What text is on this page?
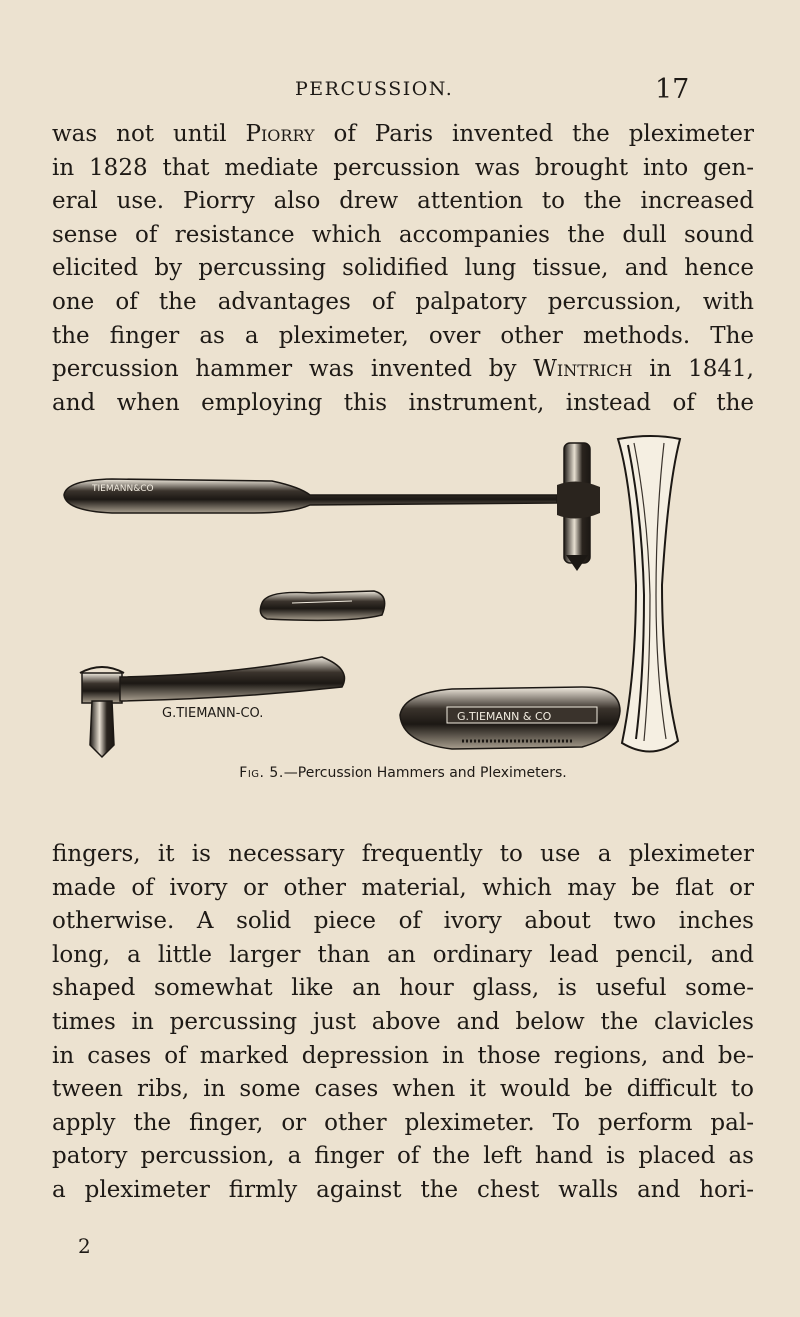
PERCUSSION.	17

was not until Piorry of Paris invented the pleximeter
in 1828 that mediate percussion was brought into gen-
eral use. Piorry also drew attention to the increased
sense of resistance which accompanies the dull sound
elicited by percussing solidified lung tissue, and hence
one of the advantages of palpatory percussion, with
the finger as a pleximeter, over other methods. The
percussion hammer was invented by Wintrich in 1841,
and when employing this instrument, instead of the

TIEMANN&CO
G.TIEMANN-CO.	G.TIEMANN & CO
Fig. 5.—Percussion Hammers and Pleximeters.

fingers, it is necessary frequently to use a pleximeter
made of ivory or other material, which may be flat or
otherwise. A solid piece of ivory about two inches
long, a little larger than an ordinary lead pencil, and
shaped somewhat like an hour glass, is useful some-
times in percussing just above and below the clavicles
in cases of marked depression in those regions, and be-
tween ribs, in some cases when it would be difficult to
apply the finger, or other pleximeter. To perform pal-
patory percussion, a finger of the left hand is placed as
a pleximeter firmly against the chest walls and hori-

2
